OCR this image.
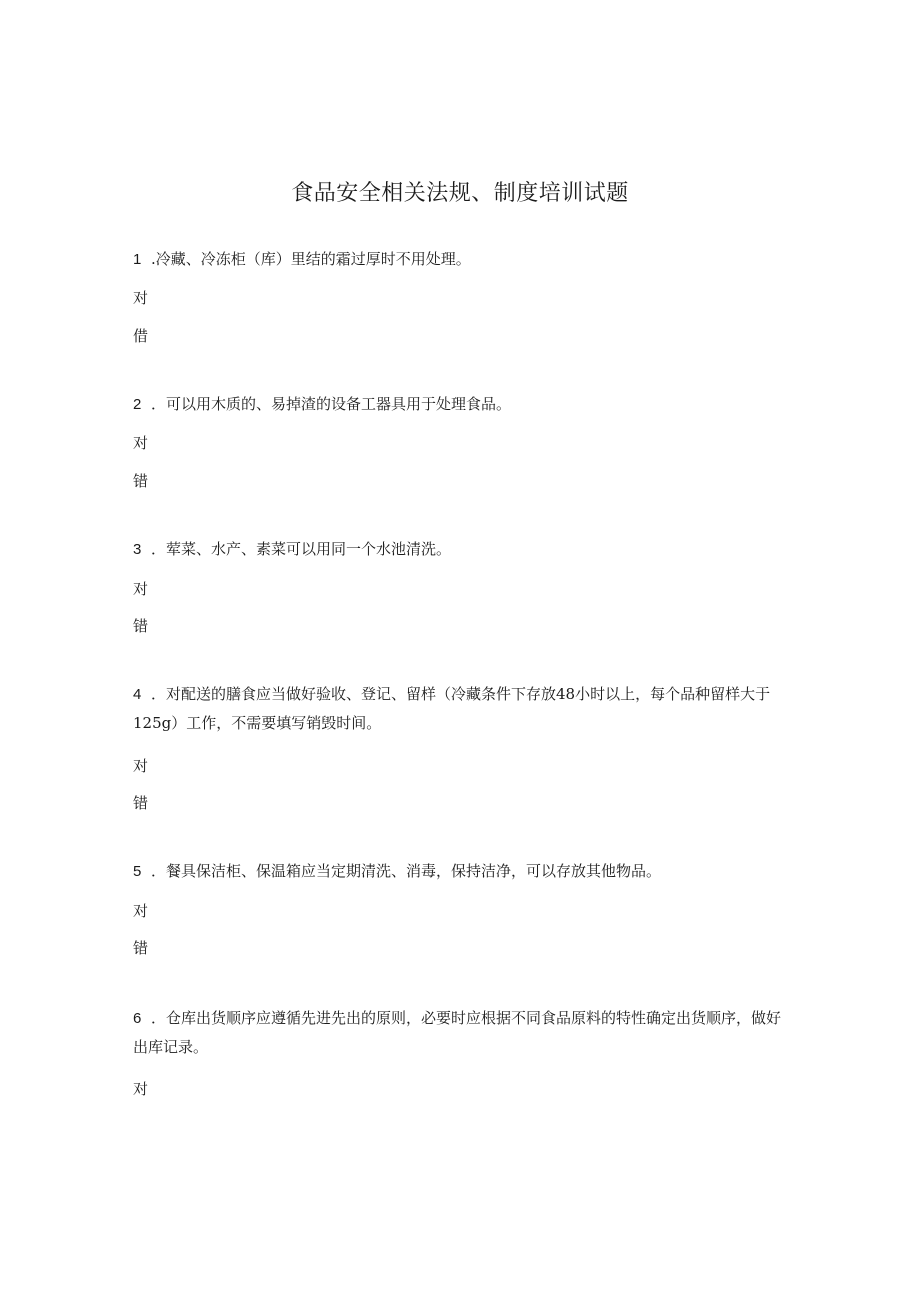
食品安全相关法规、制度培训试题

1 .冷藏、冷冻柜（库）里结的霜过厚时不用处理。

对

借

2 ．可以用木质的、易掉渣的设备工器具用于处理食品。

对

错

3 ．荤菜、水产、素菜可以用同一个水池清洗。

对

错

4 ．对配送的膳食应当做好验收、登记、留样（冷藏条件下存放48小时以上，每个品种留样大于125g）工作，不需要填写销毁时间。

对

错

5 ．餐具保洁柜、保温箱应当定期清洗、消毒，保持洁净，可以存放其他物品。

对

错

6 ．仓库出货顺序应遵循先进先出的原则，必要时应根据不同食品原料的特性确定出货顺序，做好出库记录。

对
